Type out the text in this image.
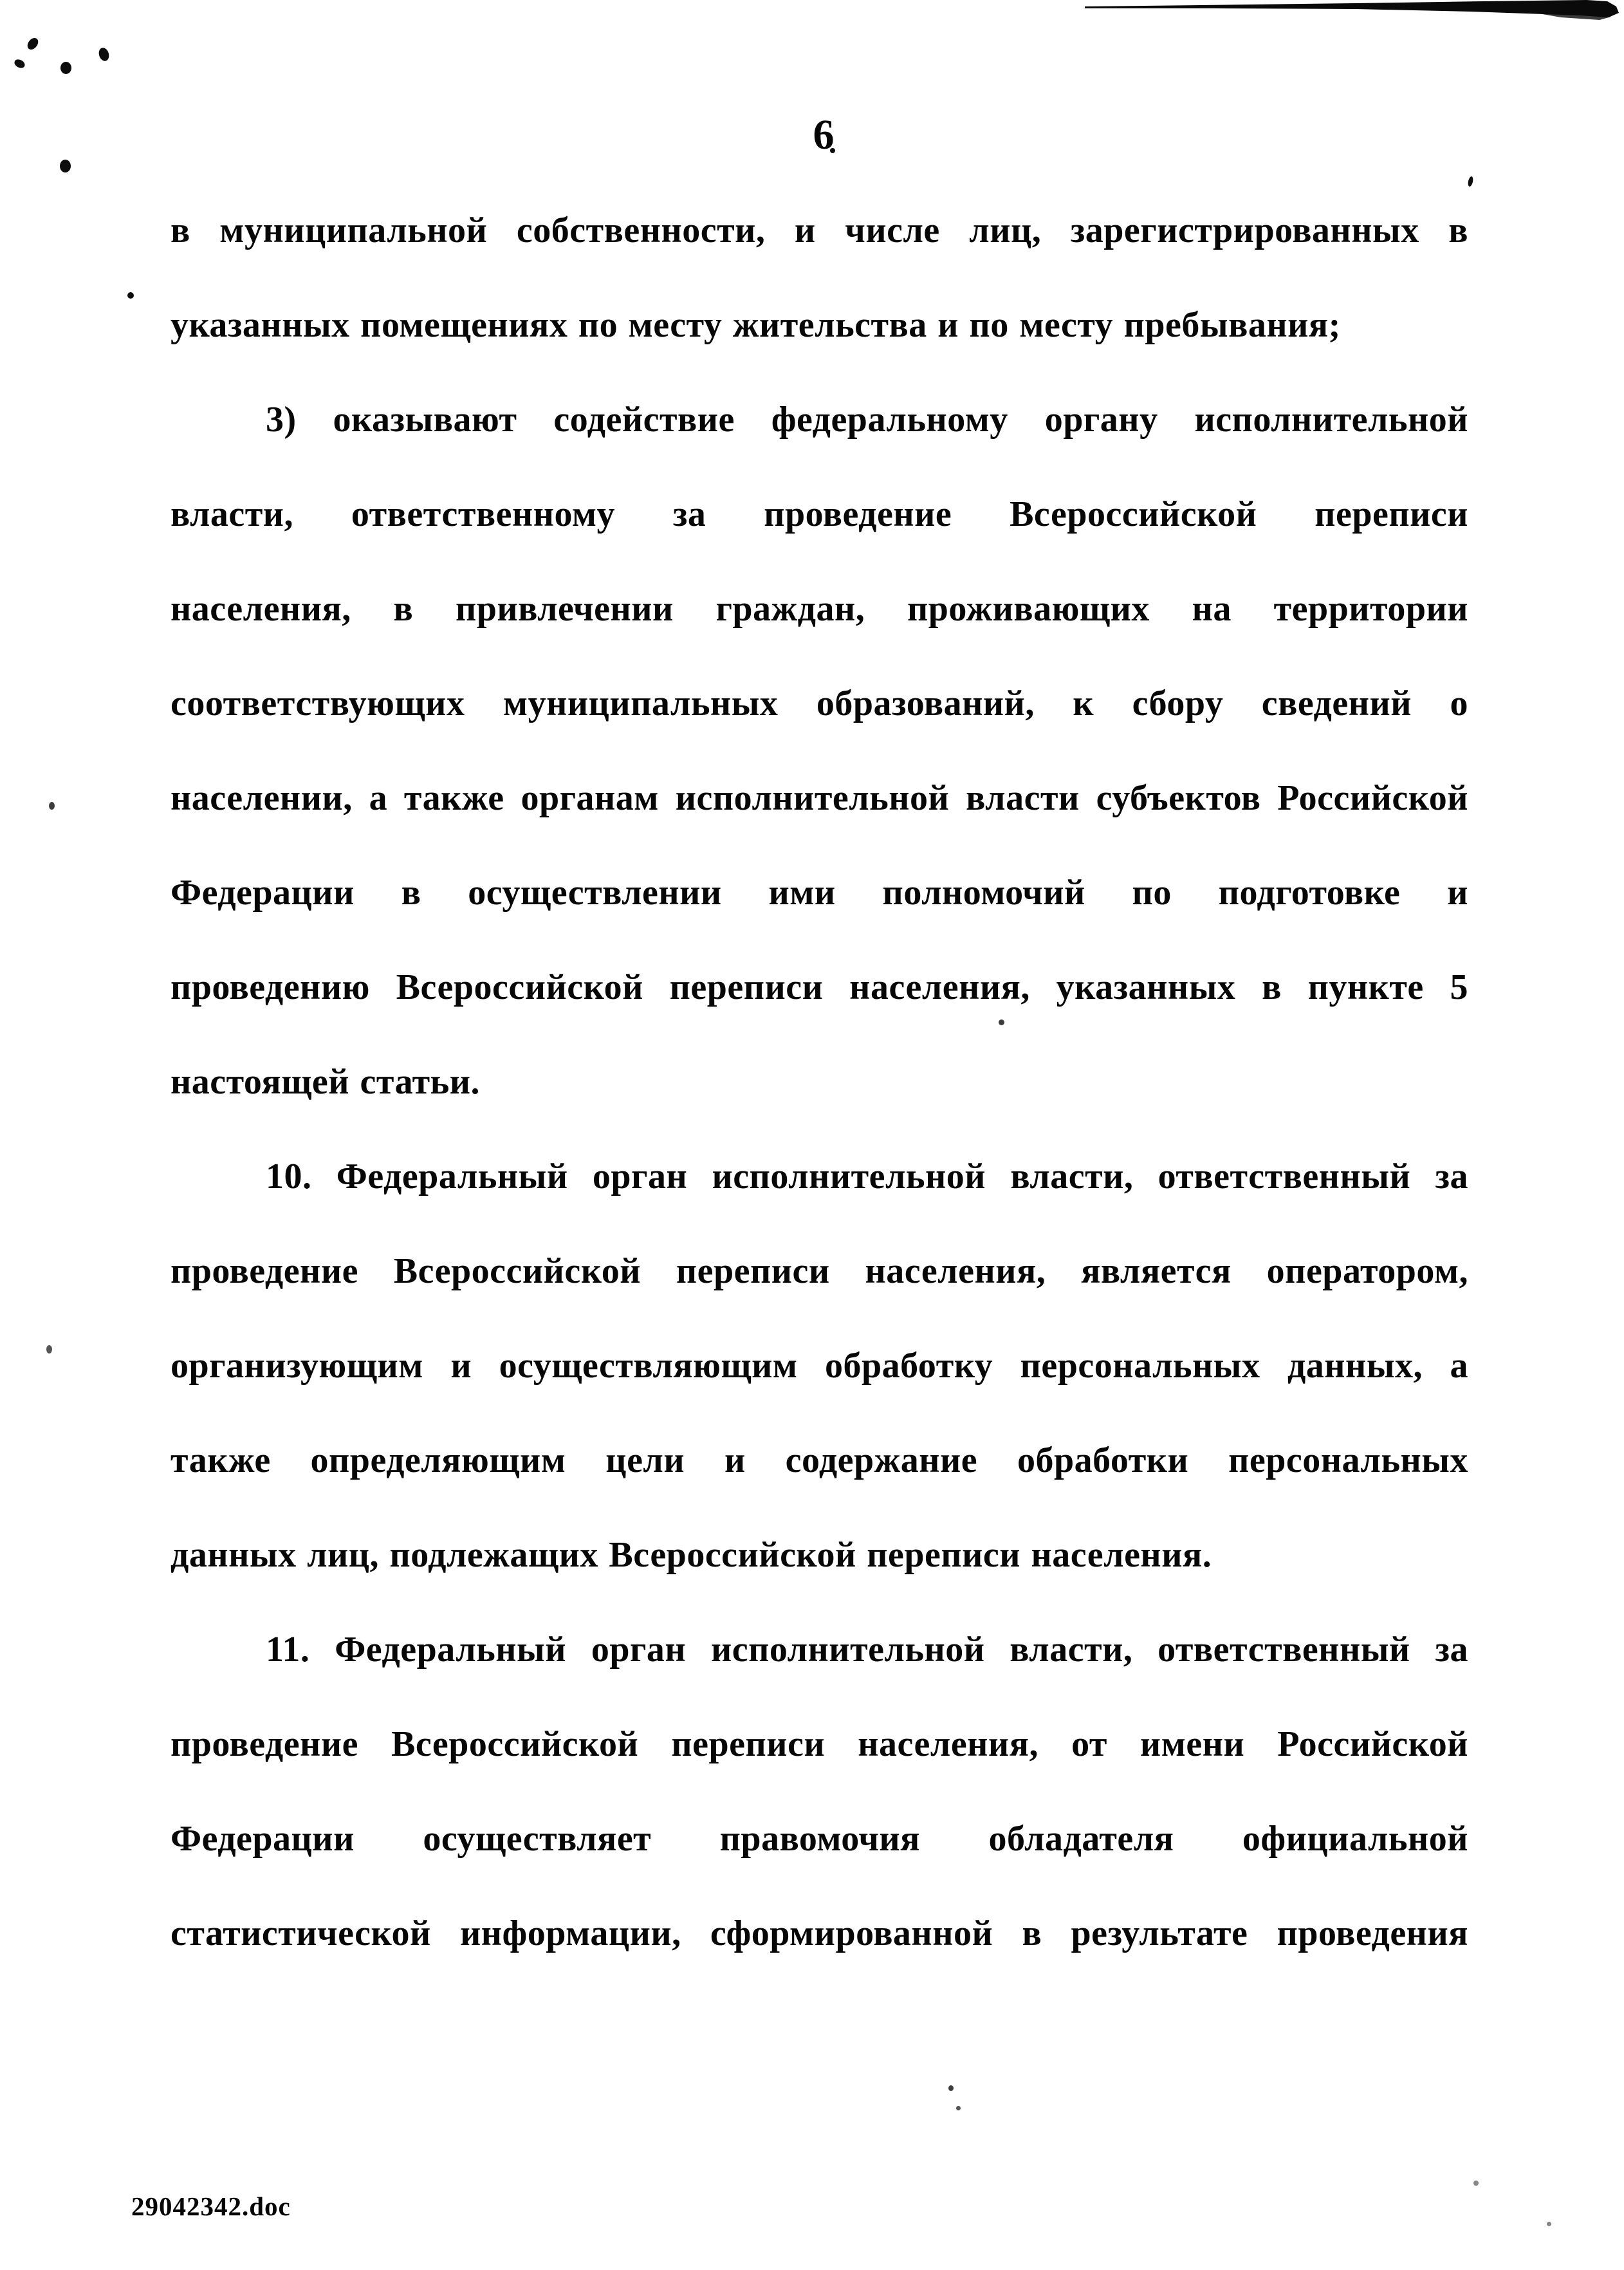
6
в муниципальной собственности, и числе лиц, зарегистрированных в
указанных помещениях по месту жительства и по месту пребывания;
3) оказывают содействие федеральному органу исполнительной
власти, ответственному за проведение Всероссийской переписи
населения, в привлечении граждан, проживающих на территории
соответствующих муниципальных образований, к сбору сведений о
населении, а также органам исполнительной власти субъектов Российской
Федерации в осуществлении ими полномочий по подготовке и
проведению Всероссийской переписи населения, указанных в пункте 5
настоящей статьи.
10. Федеральный орган исполнительной власти, ответственный за
проведение Всероссийской переписи населения, является оператором,
организующим и осуществляющим обработку персональных данных, а
также определяющим цели и содержание обработки персональных
данных лиц, подлежащих Всероссийской переписи населения.
11. Федеральный орган исполнительной власти, ответственный за
проведение Всероссийской переписи населения, от имени Российской
Федерации осуществляет правомочия обладателя официальной
статистической информации, сформированной в результате проведения
29042342.doc
